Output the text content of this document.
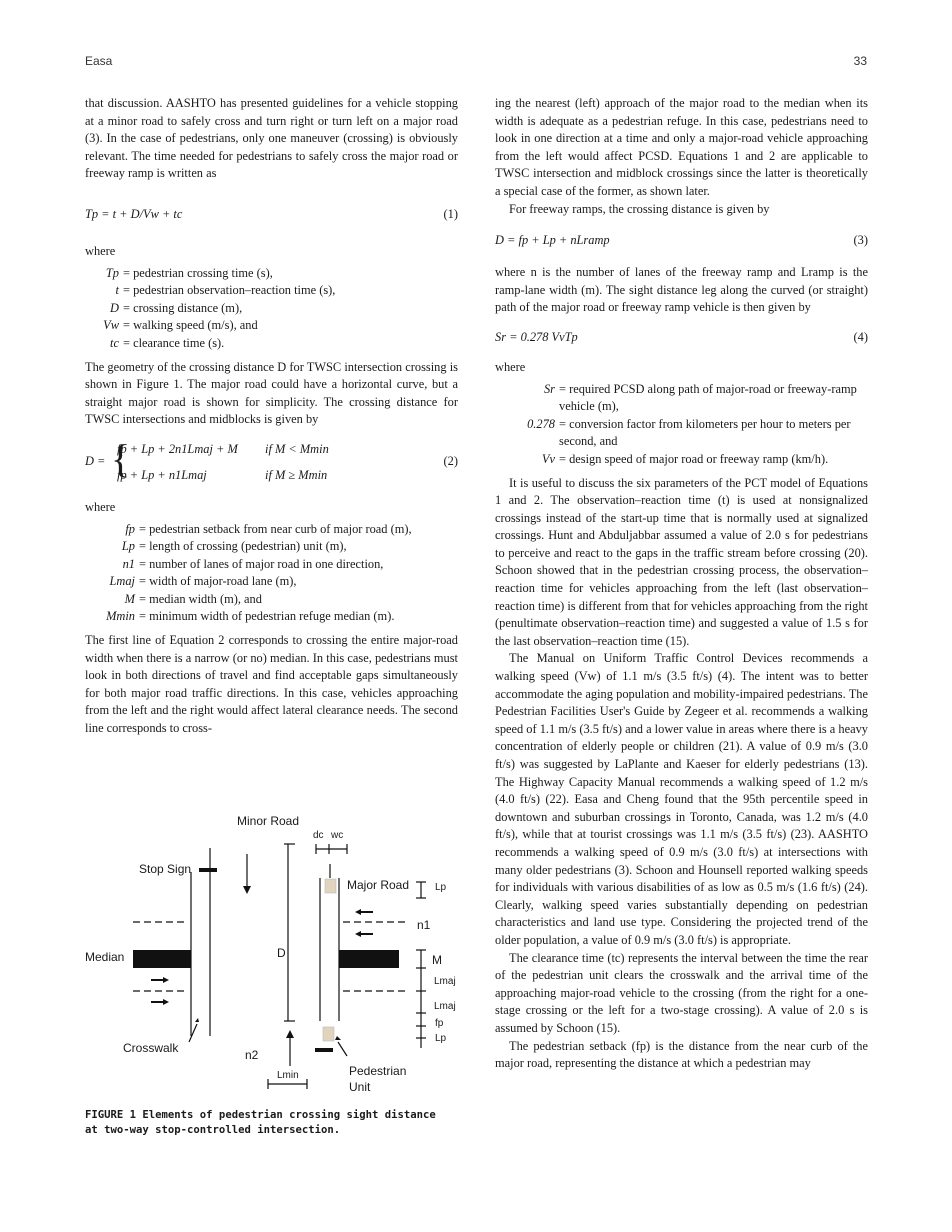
Easa	33

that discussion. AASHTO has presented guidelines for a vehicle stopping at a minor road to safely cross and turn right or turn left on a major road (3). In the case of pedestrians, only one maneuver (crossing) is obviously relevant. The time needed for pedestrians to safely cross the major road or freeway ramp is written as

Tp = t + D/Vw + tc	(1)

where

Tp = pedestrian crossing time (s),
t = pedestrian observation–reaction time (s),
D = crossing distance (m),
Vw = walking speed (m/s), and
tc = clearance time (s).

The geometry of the crossing distance D for TWSC intersection crossing is shown in Figure 1. The major road could have a horizontal curve, but a straight major road is shown for simplicity. The crossing distance for TWSC intersections and midblocks is given by

D = {
fp + Lp + 2n1Lmaj + M if M < Mmin
fp + Lp + n1Lmaj	if M ≥ Mmin
(2)

where

fp = pedestrian setback from near curb of major road (m),
Lp = length of crossing (pedestrian) unit (m),
n1 = number of lanes of major road in one direction,
Lmaj = width of major-road lane (m),
M = median width (m), and
Mmin = minimum width of pedestrian refuge median (m).

The first line of Equation 2 corresponds to crossing the entire major-road width when there is a narrow (or no) median. In this case, pedestrians must look in both directions of travel and find acceptable gaps simultaneously for both major road traffic directions. In this case, vehicles approaching from the left and the right would affect lateral clearance needs. The second line corresponds to cross-

Minor Road
Stop Sign
Major Road
Median
Crosswalk
Pedestrian
Unit
D
n1
n2
M
Lmaj
Lmaj
fp
Lp
Lp
Lmin
dc wc
FIGURE 1 Elements of pedestrian crossing sight distance
at two-way stop-controlled intersection.

ing the nearest (left) approach of the major road to the median when its width is adequate as a pedestrian refuge. In this case, pedestrians need to look in one direction at a time and only a major-road vehicle approaching from the left would affect PCSD. Equations 1 and 2 are applicable to TWSC intersection and midblock crossings since the latter is theoretically a special case of the former, as shown later.

For freeway ramps, the crossing distance is given by

D = fp + Lp + nLramp	(3)

where n is the number of lanes of the freeway ramp and Lramp is the ramp-lane width (m). The sight distance leg along the curved (or straight) path of the major road or freeway ramp vehicle is then given by

Sr = 0.278 VvTp	(4)

where

Sr = required PCSD along path of major-road or freeway-ramp vehicle (m),
0.278 = conversion factor from kilometers per hour to meters per second, and
Vv = design speed of major road or freeway ramp (km/h).

It is useful to discuss the six parameters of the PCT model of Equations 1 and 2. The observation–reaction time (t) is used at nonsignalized crossings instead of the start-up time that is normally used at signalized crossings. Hunt and Abduljabbar assumed a value of 2.0 s for pedestrians to perceive and react to the gaps in the traffic stream before crossing (20). Schoon showed that in the pedestrian crossing process, the observation–reaction time for vehicles approaching from the left (last observation–reaction time) is different from that for vehicles approaching from the right (penultimate observation–reaction time) and suggested a value of 1.5 s for the last observation–reaction time (15).

The Manual on Uniform Traffic Control Devices recommends a walking speed (Vw) of 1.1 m/s (3.5 ft/s) (4). The intent was to better accommodate the aging population and mobility-impaired pedestrians. The Pedestrian Facilities User's Guide by Zegeer et al. recommends a walking speed of 1.1 m/s (3.5 ft/s) and a lower value in areas where there is a heavy concentration of elderly people or children (21). A value of 0.9 m/s (3.0 ft/s) was suggested by LaPlante and Kaeser for elderly pedestrians (13). The Highway Capacity Manual recommends a walking speed of 1.2 m/s (4.0 ft/s) (22). Easa and Cheng found that the 95th percentile speed in downtown and suburban crossings in Toronto, Canada, was 1.2 m/s (4.0 ft/s), while that at tourist crossings was 1.1 m/s (3.5 ft/s) (23). AASHTO recommends a walking speed of 0.9 m/s (3.0 ft/s) at intersections with many older pedestrians (3). Schoon and Hounsell reported walking speeds for individuals with various disabilities of as low as 0.5 m/s (1.6 ft/s) (24). Clearly, walking speed varies substantially depending on pedestrian characteristics and land use type. Considering the projected trend of the older population, a value of 0.9 m/s (3.0 ft/s) is appropriate.

The clearance time (tc) represents the interval between the time the rear of the pedestrian unit clears the crosswalk and the arrival time of the approaching major-road vehicle to the crossing (from the right for a one-stage crossing or the left for a two-stage crossing). A value of 2.0 s is assumed by Schoon (15).

The pedestrian setback (fp) is the distance from the near curb of the major road, representing the distance at which a pedestrian may
